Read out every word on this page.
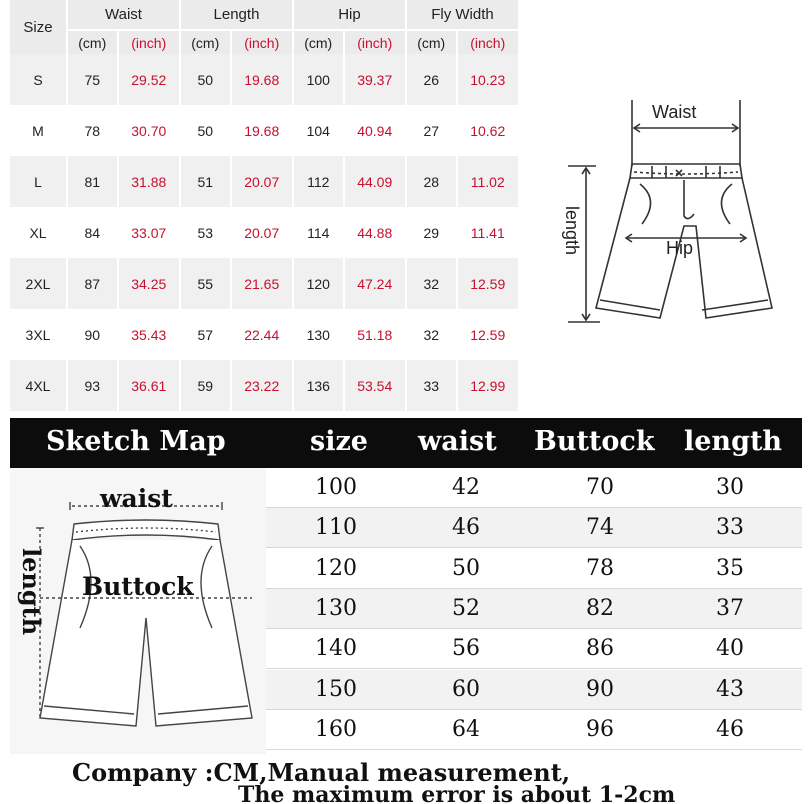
Size	Waist		Length		Hip		Fly Width	
	(cm)	(inch)	(cm)	(inch)	(cm)	(inch)	(cm)	(inch)
S	75	29.52	50	19.68	100	39.37	26	10.23
M	78	30.70	50	19.68	104	40.94	27	10.62
L	81	31.88	51	20.07	112	44.09	28	11.02
XL	84	33.07	53	20.07	114	44.88	29	11.41
2XL	87	34.25	55	21.65	120	47.24	32	12.59
3XL	90	35.43	57	22.44	130	51.18	32	12.59
4XL	93	36.61	59	23.22	136	53.54	33	12.99
Waist
Hip
length
Sketch Map	size waist Buttock length
waist
Buttock
length
100	42	70	30
110	46	74	33
120	50	78	35
130	52	82	37
140	56	86	40
150	60	90	43
160	64	96	46
Company :CM,Manual measurement,
The maximum error is about 1-2cm
